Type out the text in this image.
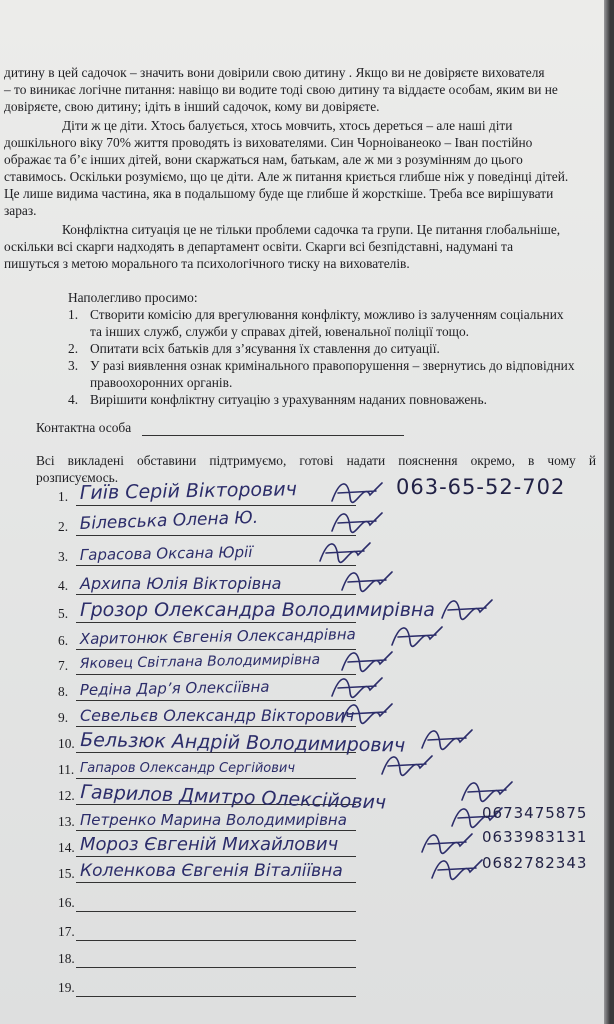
дитину в цей садочок – значить вони довірили свою дитину . Якщо ви не довіряєте вихователя
– то виникає логічне питання: навіщо ви водите тоді свою дитину та віддаєте особам, яким ви не
довіряєте, свою дитину; ідіть в інший садочок, кому ви довіряєте.
Діти ж це діти. Хтось балується, хтось мовчить, хтось дереться – але наші діти
дошкільного віку 70% життя проводять із вихователями. Син Чорноіванеоко – Іван постійно
ображає та б’є інших дітей, вони скаржаться нам, батькам, але ж ми з розумінням до цього
ставимось. Оскільки розуміємо, що це діти. Але ж питання криється глибше ніж у поведінці дітей.
Це лише видима частина, яка в подальшому буде ще глибше й жорсткіше. Треба все вирішувати
зараз.
Конфліктна ситуація це не тільки проблеми садочка та групи. Це питання глобальніше,
оскільки всі скарги надходять в департамент освіти. Скарги всі безпідставні, надумані та
пишуться з метою морального та психологічного тиску на вихователів.
Наполегливо просимо:
1. Створити комісію для врегулювання конфлікту, можливо із залученням соціальних
та інших служб, служби у справах дітей, ювенальної поліції тощо.
2. Опитати всіх батьків для з’ясування їх ставлення до ситуації.
3. У разі виявлення ознак кримінального правопорушення – звернутись до відповідних
правоохоронних органів.
4. Вирішити конфліктну ситуацію з урахуванням наданих повноважень.
Контактна особа
Всі викладені обставини підтримуємо, готові надати пояснення окремо, в чому й
розписуємось.
1. Гиїв Серій Вікторович	063-65-52-702
2. Білевська Олена Ю.
3. Гарасова Оксана Юрії
4. Архипа Юлія Вікторівна
5. Грозор Олександра Володимирівна
6. Харитонюк Євгенія Олександрівна
7. Яковец Світлана Володимирівна
8. Редіна Дар’я Олексіївна
9. Севельєв Олександр Вікторович
10. Бельзюк Андрій Володимирович
11. Гапаров Олександр Сергійович
12. Гаврилов Дмитро Олексійович
13. Петренко Марина Володимирівна	0673475875
14. Мороз Євгеній Михайлович	0633983131
15. Коленкова Євгенія Віталіївна	0682782343
16.
17.
18.
19.
